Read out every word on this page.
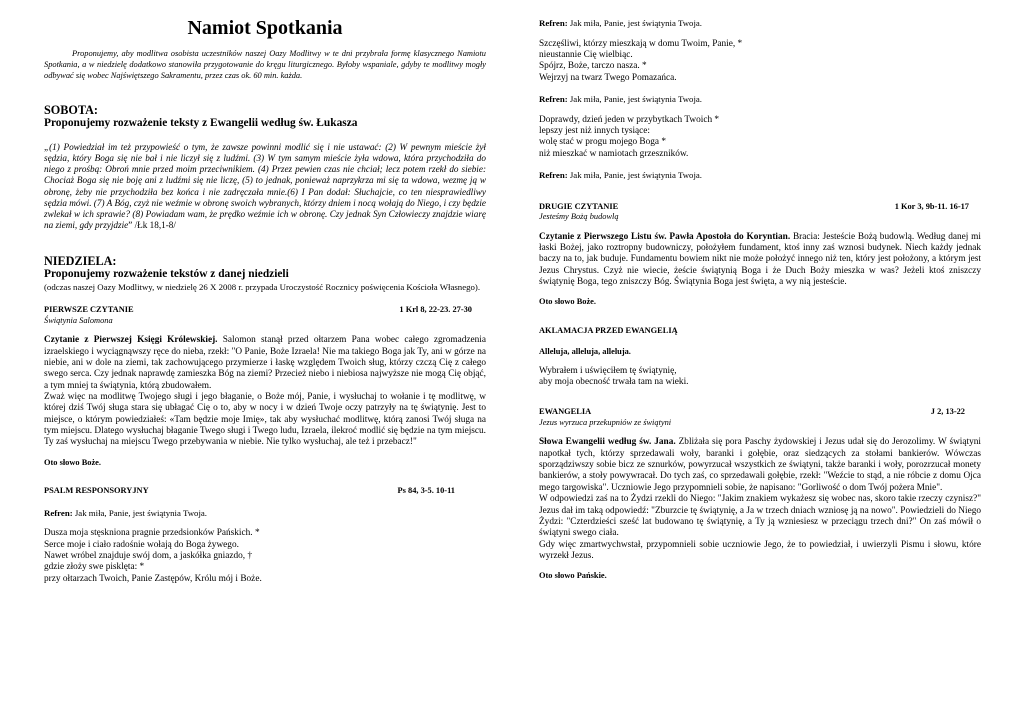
Namiot Spotkania

Proponujemy, aby modlitwa osobista uczestników naszej Oazy Modlitwy w te dni przybrała formę klasycznego Namiotu Spotkania, a w niedzielę dodatkowo stanowiła przygotowanie do kręgu liturgicznego. Byłoby wspaniale, gdyby te modlitwy mogły odbywać się wobec Najświętszego Sakramentu, przez czas ok. 60 min. każda.

SOBOTA:
Proponujemy rozważenie teksty z Ewangelii według św. Łukasza

„(1) Powiedział im też przypowieść o tym, że zawsze powinni modlić się i nie ustawać: (2) W pewnym mieście żył sędzia, który Boga się nie bał i nie liczył się z ludźmi. (3) W tym samym mieście żyła wdowa, która przychodziła do niego z prośbą: Obroń mnie przed moim przeciwnikiem. (4) Przez pewien czas nie chciał; lecz potem rzekł do siebie: Chociaż Boga się nie boję ani z ludźmi się nie liczę, (5) to jednak, ponieważ naprzykrza mi się ta wdowa, wezmę ją w obronę, żeby nie przychodziła bez końca i nie zadręczała mnie.(6) I Pan dodał: Słuchajcie, co ten niesprawiedliwy sędzia mówi. (7) A Bóg, czyż nie weźmie w obronę swoich wybranych, którzy dniem i nocą wołają do Niego, i czy będzie zwlekał w ich sprawie? (8) Powiadam wam, że prędko weźmie ich w obronę. Czy jednak Syn Człowieczy znajdzie wiarę na ziemi, gdy przyjdzie” /Łk 18,1-8/

NIEDZIELA:
Proponujemy rozważenie tekstów z danej niedzieli
(odczas naszej Oazy Modlitwy, w niedzielę 26 X 2008 r. przypada Uroczystość Rocznicy poświęcenia Kościoła Własnego).
PIERWSZE CZYTANIE	1 Krl 8, 22-23. 27-30
Świątynia Salomona

Czytanie z Pierwszej Księgi Królewskiej. Salomon stanął przed ołtarzem Pana wobec całego zgromadzenia izraelskiego i wyciągnąwszy ręce do nieba, rzekł: "O Panie, Boże Izraela! Nie ma takiego Boga jak Ty, ani w górze na niebie, ani w dole na ziemi, tak zachowującego przymierze i łaskę względem Twoich sług, którzy czczą Cię z całego swego serca. Czy jednak naprawdę zamieszka Bóg na ziemi? Przecież niebo i niebiosa najwyższe nie mogą Cię objąć, a tym mniej ta świątynia, którą zbudowałem.

Zważ więc na modlitwę Twojego sługi i jego błaganie, o Boże mój, Panie, i wysłuchaj to wołanie i tę modlitwę, w której dziś Twój sługa stara się ubłagać Cię o to, aby w nocy i w dzień Twoje oczy patrzyły na tę świątynię. Jest to miejsce, o którym powiedziałeś: «Tam będzie moje Imię», tak aby wysłuchać modlitwę, którą zanosi Twój sługa na tym miejscu. Dlatego wysłuchaj błaganie Twego sługi i Twego ludu, Izraela, ilekroć modlić się będzie na tym miejscu. Ty zaś wysłuchaj na miejscu Twego przebywania w niebie. Nie tylko wysłuchaj, ale też i przebacz!"

Oto słowo Boże.
PSALM RESPONSORYJNY	Ps 84, 3-5. 10-11
Refren: Jak miła, Panie, jest świątynia Twoja.
Dusza moja stęskniona pragnie przedsionków Pańskich. *
Serce moje i ciało radośnie wołają do Boga żywego.
Nawet wróbel znajduje swój dom, a jaskółka gniazdo, †
gdzie złoży swe pisklęta: *
przy ołtarzach Twoich, Panie Zastępów, Królu mój i Boże.
Refren: Jak miła, Panie, jest świątynia Twoja.
Szczęśliwi, którzy mieszkają w domu Twoim, Panie, *
nieustannie Cię wielbiąc.
Spójrz, Boże, tarczo nasza. *
Wejrzyj na twarz Twego Pomazańca.
Refren: Jak miła, Panie, jest świątynia Twoja.
Doprawdy, dzień jeden w przybytkach Twoich *
lepszy jest niż innych tysiące:
wolę stać w progu mojego Boga *
niż mieszkać w namiotach grzeszników.
Refren: Jak miła, Panie, jest świątynia Twoja.
DRUGIE CZYTANIE	1 Kor 3, 9b-11. 16-17
Jesteśmy Bożą budowlą

Czytanie z Pierwszego Listu św. Pawła Apostoła do Koryntian. Bracia: Jesteście Bożą budowlą. Według danej mi łaski Bożej, jako roztropny budowniczy, położyłem fundament, ktoś inny zaś wznosi budynek. Niech każdy jednak baczy na to, jak buduje. Fundamentu bowiem nikt nie może położyć innego niż ten, który jest położony, a którym jest Jezus Chrystus. Czyż nie wiecie, żeście świątynią Boga i że Duch Boży mieszka w was? Jeżeli ktoś zniszczy świątynię Boga, tego zniszczy Bóg. Świątynia Boga jest święta, a wy nią jesteście.

Oto słowo Boże.
AKLAMACJA PRZED EWANGELIĄ
Alleluja, alleluja, alleluja.
Wybrałem i uświęciłem tę świątynię,
aby moja obecność trwała tam na wieki.
EWANGELIA	J 2, 13-22
Jezus wyrzuca przekupniów ze świątyni

Słowa Ewangelii według św. Jana. Zbliżała się pora Paschy żydowskiej i Jezus udał się do Jerozolimy. W świątyni napotkał tych, którzy sprzedawali woły, baranki i gołębie, oraz siedzących za stołami bankierów. Wówczas sporządziwszy sobie bicz ze sznurków, powyrzucał wszystkich ze świątyni, także baranki i woły, porozrzucał monety bankierów, a stoły powywracał. Do tych zaś, co sprzedawali gołębie, rzekł: "Weźcie to stąd, a nie róbcie z domu Ojca mego targowiska". Uczniowie Jego przypomnieli sobie, że napisano: "Gorliwość o dom Twój pożera Mnie".

W odpowiedzi zaś na to Żydzi rzekli do Niego: "Jakim znakiem wykażesz się wobec nas, skoro takie rzeczy czynisz?" Jezus dał im taką odpowiedź: "Zburzcie tę świątynię, a Ja w trzech dniach wzniosę ją na nowo". Powiedzieli do Niego Żydzi: "Czterdzieści sześć lat budowano tę świątynię, a Ty ją wzniesiesz w przeciągu trzech dni?" On zaś mówił o świątyni swego ciała.

Gdy więc zmartwychwstał, przypomnieli sobie uczniowie Jego, że to powiedział, i uwierzyli Pismu i słowu, które wyrzekł Jezus.

Oto słowo Pańskie.
